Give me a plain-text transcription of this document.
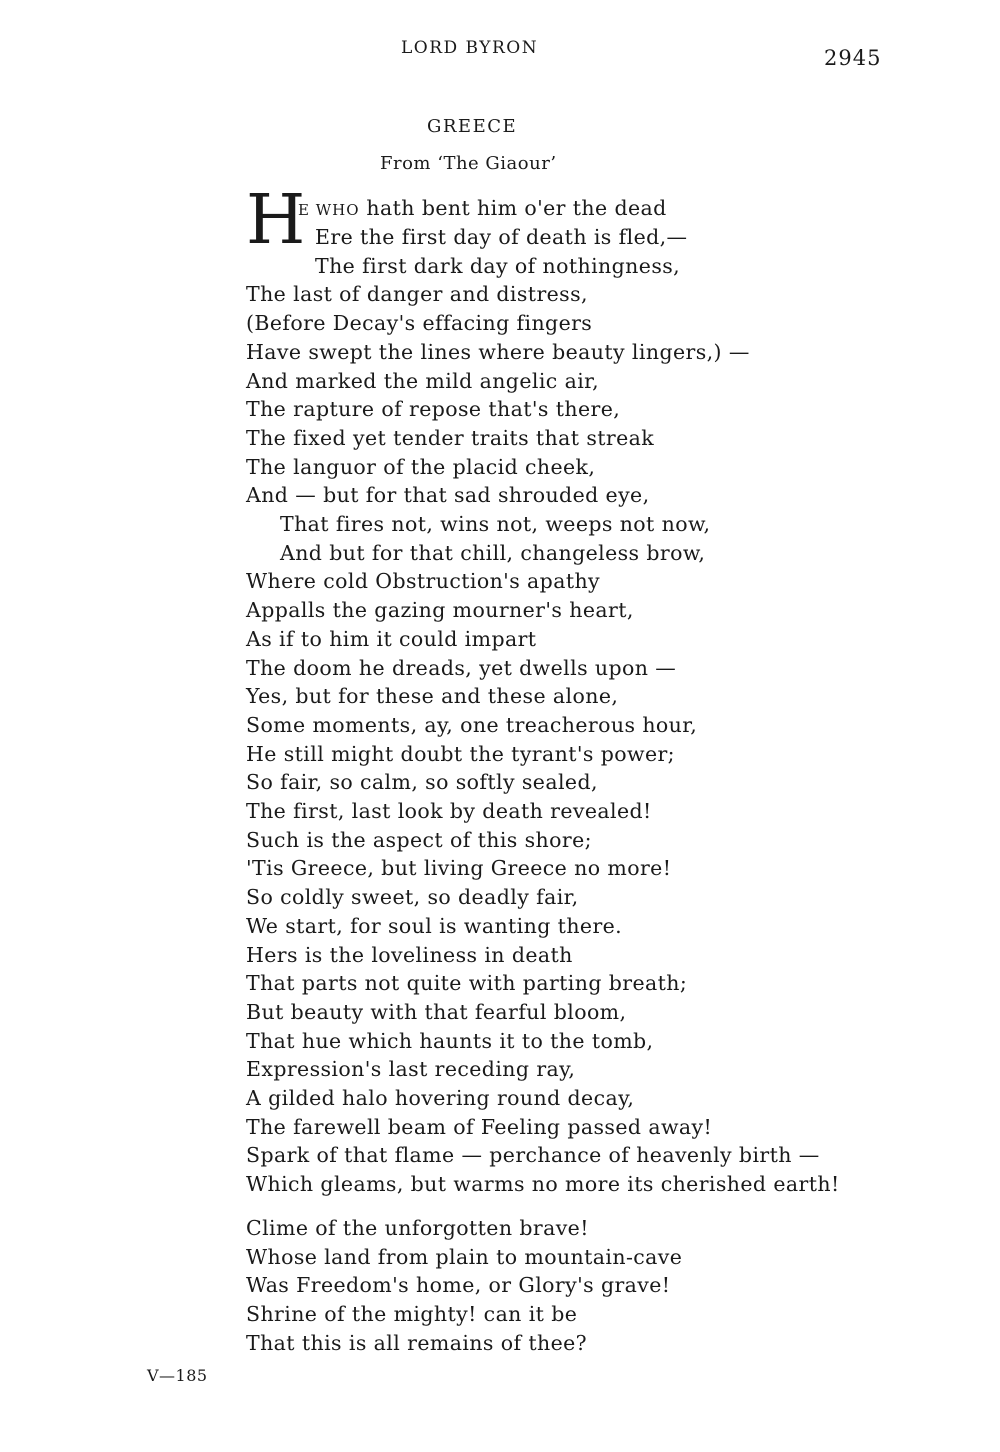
LORD BYRON	2945
GREECE
From ‘The Giaour’
H
E WHO hath bent him o'er the dead
Ere the first day of death is fled,—
The first dark day of nothingness,
The last of danger and distress,
(Before Decay's effacing fingers
Have swept the lines where beauty lingers,) —
And marked the mild angelic air,
The rapture of repose that's there,
The fixed yet tender traits that streak
The languor of the placid cheek,
And — but for that sad shrouded eye,
That fires not, wins not, weeps not now,
And but for that chill, changeless brow,
Where cold Obstruction's apathy
Appalls the gazing mourner's heart,
As if to him it could impart
The doom he dreads, yet dwells upon —
Yes, but for these and these alone,
Some moments, ay, one treacherous hour,
He still might doubt the tyrant's power;
So fair, so calm, so softly sealed,
The first, last look by death revealed!
Such is the aspect of this shore;
'Tis Greece, but living Greece no more!
So coldly sweet, so deadly fair,
We start, for soul is wanting there.
Hers is the loveliness in death
That parts not quite with parting breath;
But beauty with that fearful bloom,
That hue which haunts it to the tomb,
Expression's last receding ray,
A gilded halo hovering round decay,
The farewell beam of Feeling passed away!
Spark of that flame — perchance of heavenly birth —
Which gleams, but warms no more its cherished earth!
Clime of the unforgotten brave!
Whose land from plain to mountain-cave
Was Freedom's home, or Glory's grave!
Shrine of the mighty! can it be
That this is all remains of thee?
V—185
